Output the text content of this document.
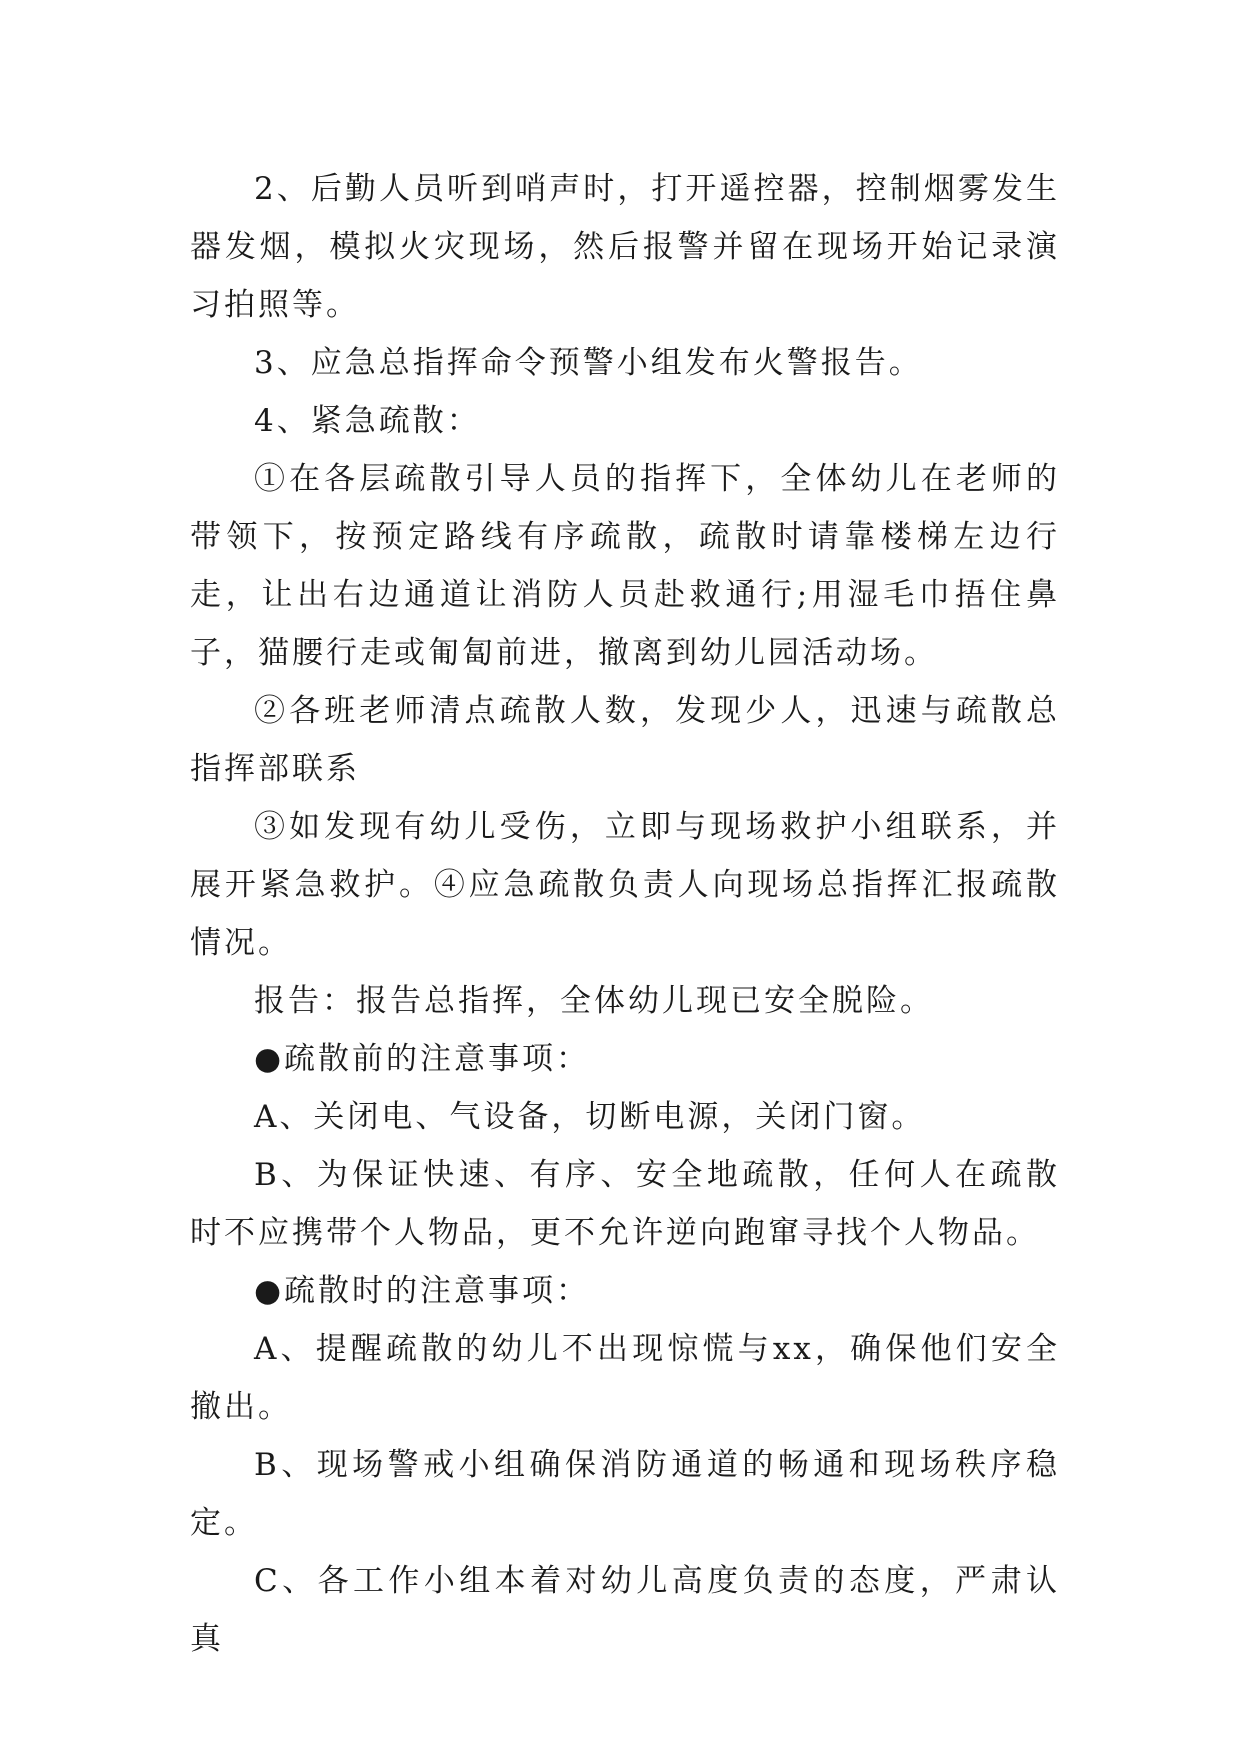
2、后勤人员听到哨声时，打开遥控器，控制烟雾发生器发烟，模拟火灾现场，然后报警并留在现场开始记录演习拍照等。

3、应急总指挥命令预警小组发布火警报告。

4、紧急疏散：

①在各层疏散引导人员的指挥下，全体幼儿在老师的带领下，按预定路线有序疏散，疏散时请靠楼梯左边行走，让出右边通道让消防人员赴救通行;用湿毛巾捂住鼻子，猫腰行走或匍匐前进，撤离到幼儿园活动场。

②各班老师清点疏散人数，发现少人，迅速与疏散总指挥部联系

③如发现有幼儿受伤，立即与现场救护小组联系，并展开紧急救护。④应急疏散负责人向现场总指挥汇报疏散情况。

报告：报告总指挥，全体幼儿现已安全脱险。

●疏散前的注意事项：

A、关闭电、气设备，切断电源，关闭门窗。

B、为保证快速、有序、安全地疏散，任何人在疏散时不应携带个人物品，更不允许逆向跑窜寻找个人物品。

●疏散时的注意事项：

A、提醒疏散的幼儿不出现惊慌与xx，确保他们安全撤出。

B、现场警戒小组确保消防通道的畅通和现场秩序稳定。

C、各工作小组本着对幼儿高度负责的态度，严肃认真
